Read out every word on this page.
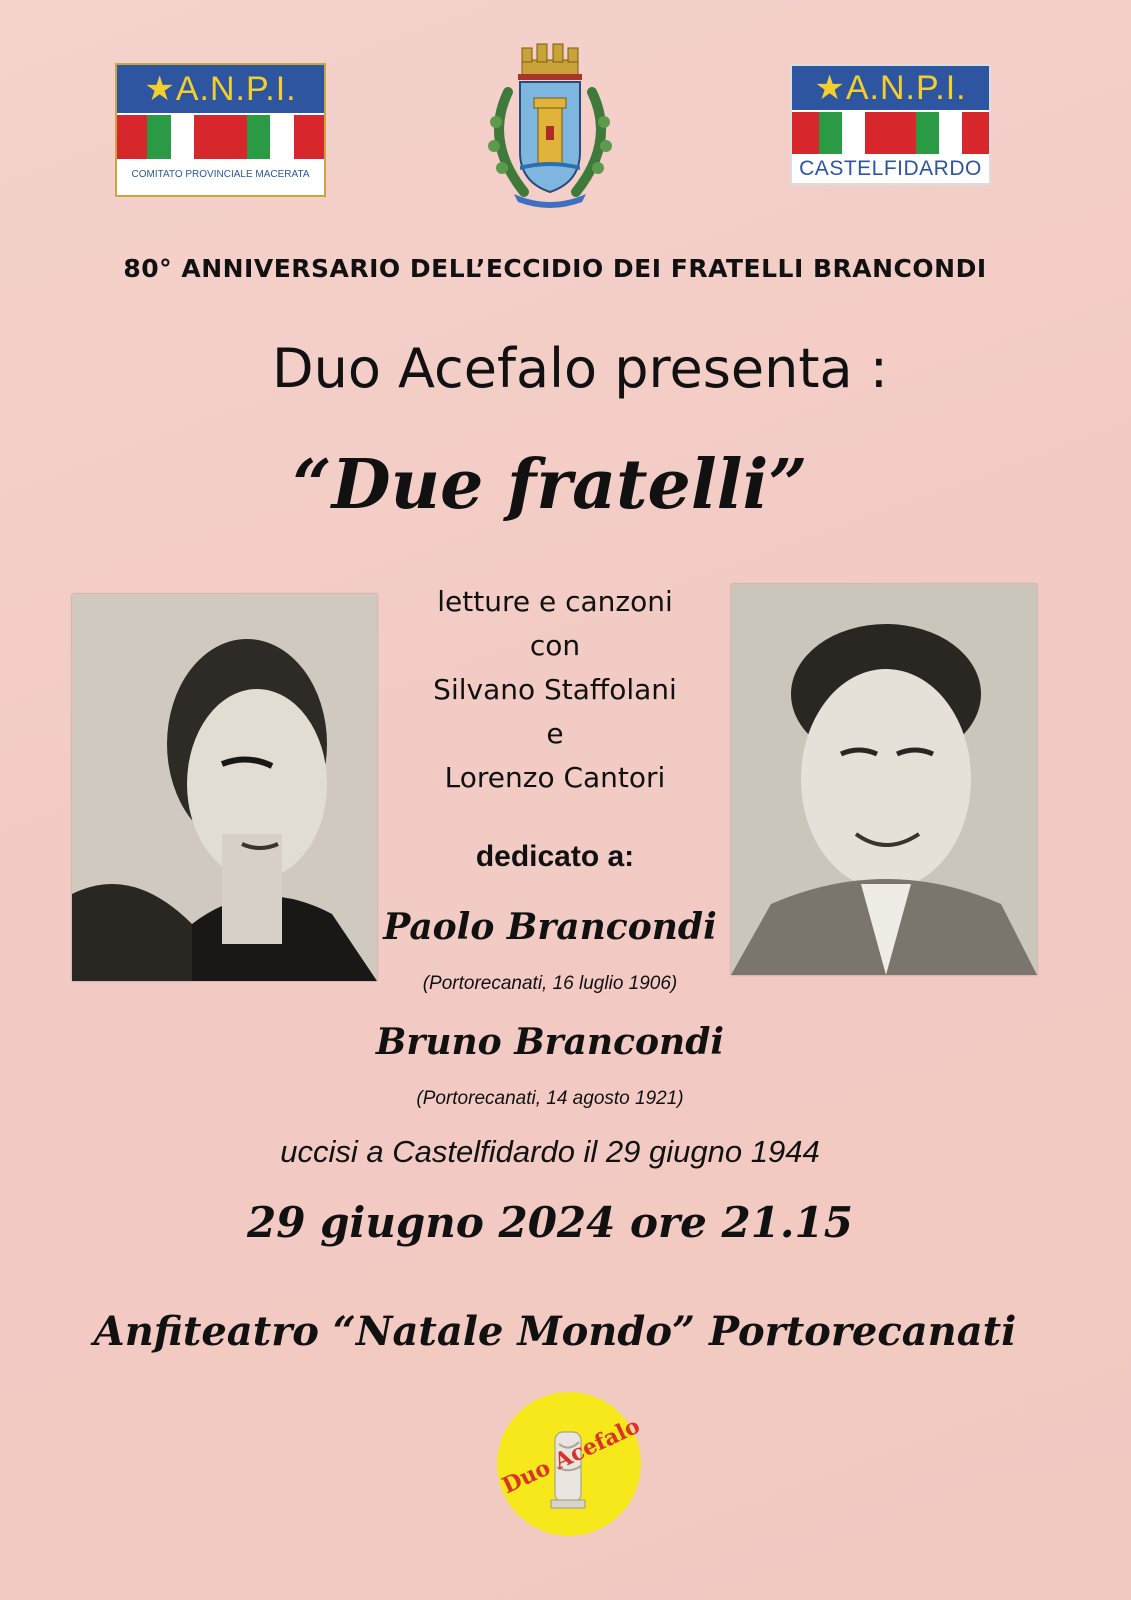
★A.N.P.I.
COMITATO PROVINCIALE MACERATA
★A.N.P.I.
CASTELFIDARDO
80° ANNIVERSARIO DELL’ECCIDIO DEI FRATELLI BRANCONDI
Duo Acefalo presenta :
“Due fratelli”
letture e canzoni
con
Silvano Staffolani
e
Lorenzo Cantori
dedicato a:
Paolo Brancondi
(Portorecanati, 16 luglio 1906)
Bruno Brancondi
(Portorecanati, 14 agosto 1921)
uccisi a Castelfidardo il 29 giugno 1944
29 giugno 2024 ore 21.15
Anfiteatro “Natale Mondo” Portorecanati
Duo Acefalo
